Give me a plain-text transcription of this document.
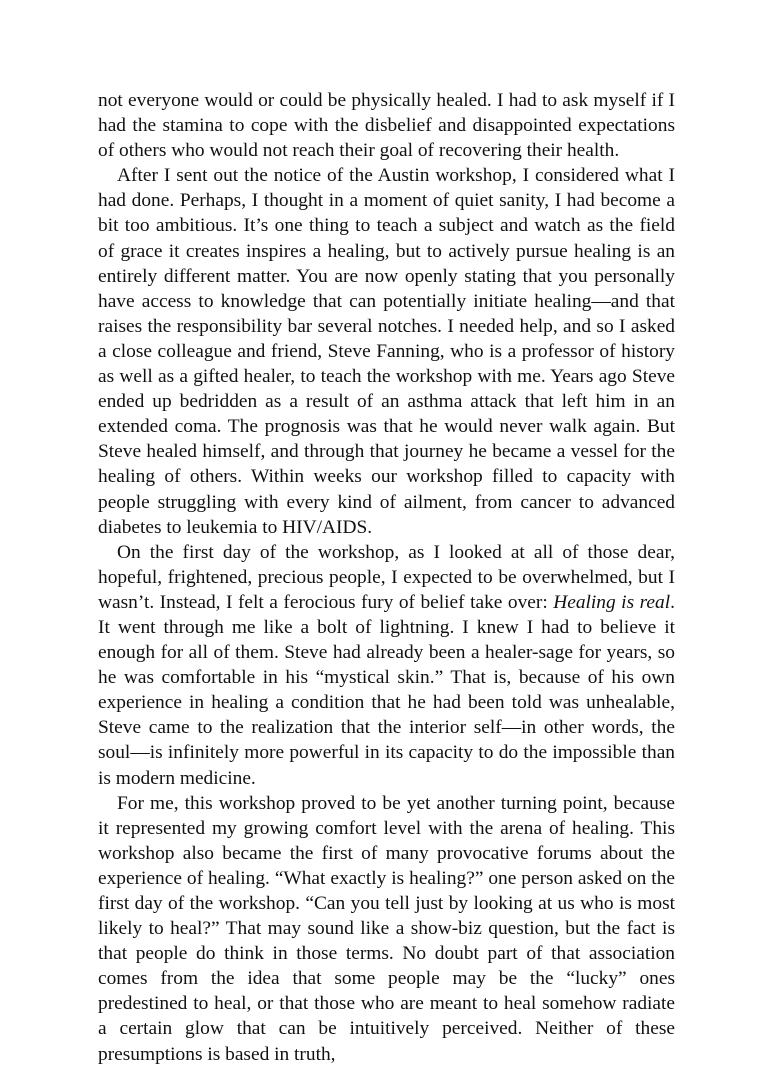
not everyone would or could be physically healed. I had to ask myself if I had the stamina to cope with the disbelief and disappointed expectations of others who would not reach their goal of recovering their health.

After I sent out the notice of the Austin workshop, I considered what I had done. Perhaps, I thought in a moment of quiet sanity, I had become a bit too ambitious. It’s one thing to teach a subject and watch as the field of grace it creates inspires a healing, but to actively pursue healing is an entirely different matter. You are now openly stating that you personally have access to knowledge that can potentially initiate healing—and that raises the responsibility bar several notches. I needed help, and so I asked a close colleague and friend, Steve Fanning, who is a professor of history as well as a gifted healer, to teach the workshop with me. Years ago Steve ended up bedridden as a result of an asthma attack that left him in an extended coma. The prognosis was that he would never walk again. But Steve healed himself, and through that journey he became a vessel for the healing of others. Within weeks our workshop filled to capacity with people struggling with every kind of ailment, from cancer to advanced diabetes to leukemia to HIV/AIDS.

On the first day of the workshop, as I looked at all of those dear, hopeful, frightened, precious people, I expected to be overwhelmed, but I wasn’t. Instead, I felt a ferocious fury of belief take over: Healing is real. It went through me like a bolt of lightning. I knew I had to believe it enough for all of them. Steve had already been a healer-sage for years, so he was comfortable in his “mystical skin.” That is, because of his own experience in healing a condition that he had been told was unhealable, Steve came to the realization that the interior self—in other words, the soul—is infinitely more powerful in its capacity to do the impossible than is modern medicine.

For me, this workshop proved to be yet another turning point, because it represented my growing comfort level with the arena of healing. This workshop also became the first of many provocative forums about the experience of healing. “What exactly is healing?” one person asked on the first day of the workshop. “Can you tell just by looking at us who is most likely to heal?” That may sound like a show-biz question, but the fact is that people do think in those terms. No doubt part of that association comes from the idea that some people may be the “lucky” ones predestined to heal, or that those who are meant to heal somehow radiate a certain glow that can be intuitively perceived. Neither of these presumptions is based in truth,
